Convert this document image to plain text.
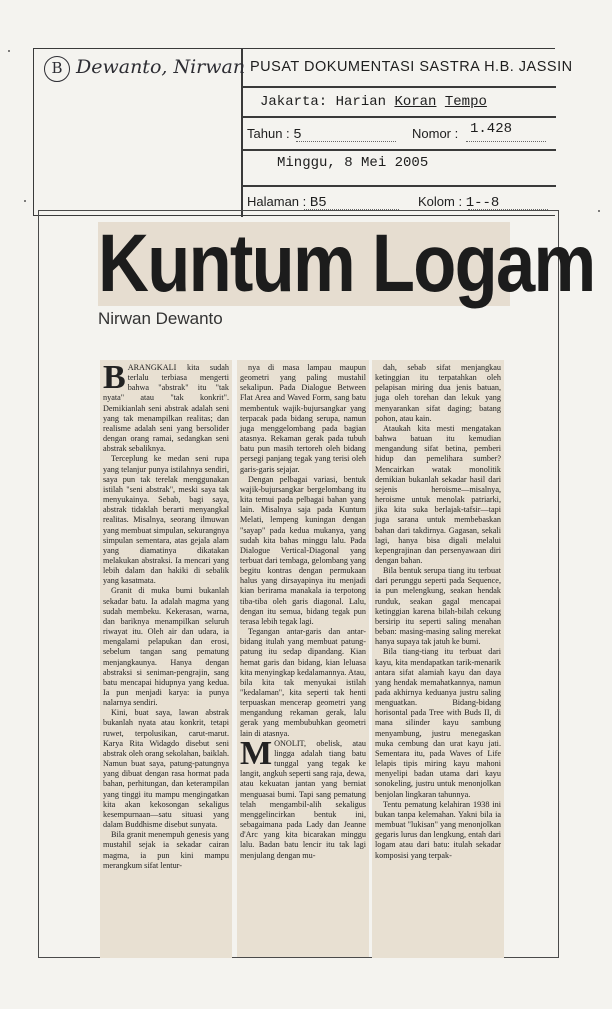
B Dewanto, Nirwan PUSAT DOKUMENTASI SASTRA H.B. JASSIN
Jakarta: Harian Koran Tempo
Tahun : 5	Nomor : 1.428
Minggu, 8 Mei 2005
Halaman : B5	Kolom : 1--8
Kuntum Logam
Nirwan Dewanto

BARANGKALI kita sudah terlalu terbiasa mengerti bahwa "abstrak" itu "tak nyata" atau "tak konkrit". Demikianlah seni abstrak adalah seni yang tak menampilkan realitas; dan realisme adalah seni yang bersolider dengan orang ramai, sedangkan seni abstrak sebaliknya.

Terceplung ke medan seni rupa yang telanjur punya istilahnya sendiri, saya pun tak terelak menggunakan istilah "seni abstrak", meski saya tak menyukainya. Sebab, bagi saya, abstrak tidaklah berarti menyangkal realitas. Misalnya, seorang ilmuwan yang membuat simpulan, sekurangnya simpulan sementara, atas gejala alam yang diamatinya dikatakan melakukan abstraksi. Ia mencari yang lebih dalam dan hakiki di sebalik yang kasatmata.

Granit di muka bumi bukanlah sekadar batu. Ia adalah magma yang sudah membeku. Kekerasan, warna, dan bariknya menampilkan seluruh riwayat itu. Oleh air dan udara, ia mengalami pelapukan dan erosi, sebelum tangan sang pematung menjangkaunya. Hanya dengan abstraksi si seniman-pengrajin, sang batu mencapai hidupnya yang kedua. Ia pun menjadi karya: ia punya nalarnya sendiri.

Kini, buat saya, lawan abstrak bukanlah nyata atau konkrit, tetapi ruwet, terpolusikan, carut-marut. Karya Rita Widagdo disebut seni abstrak oleh orang sekolahan, baiklah. Namun buat saya, patung-patungnya yang dibuat dengan rasa hormat pada bahan, perhitungan, dan keterampilan yang tinggi itu mampu mengingatkan kita akan kekosongan sekaligus kesempurnaan—satu situasi yang dalam Buddhisme disebut sunyata.

Bila granit menempuh genesis yang mustahil sejak ia sekadar cairan magma, ia pun kini mampu merangkum sifat lentur-

nya di masa lampau maupun geometri yang paling mustahil sekalipun. Pada Dialogue Between Flat Area and Waved Form, sang batu membentuk wajik-bujursangkar yang terpacak pada bidang serupa, namun juga menggelombang pada bagian atasnya. Rekaman gerak pada tubuh batu pun masih tertoreh oleh bidang persegi panjang tegak yang terisi oleh garis-garis sejajar.

Dengan pelbagai variasi, bentuk wajik-bujursangkar bergelombang itu kita temui pada pelbagai bahan yang lain. Misalnya saja pada Kuntum Melati, lempeng kuningan dengan "sayap" pada kedua mukanya, yang sudah kita bahas minggu lalu. Pada Dialogue Vertical-Diagonal yang terbuat dari tembaga, gelombang yang begitu kontras dengan permukaan halus yang dirsayapinya itu menjadi kian berirama manakala ia terpotong tiba-tiba oleh garis diagonal. Lalu, dengan itu semua, bidang tegak pun terasa lebih tegak lagi.

Tegangan antar-garis dan antar-bidang itulah yang membuat patung-patung itu sedap dipandang. Kian hemat garis dan bidang, kian leluasa kita menyingkap kedalamannya. Atau, bila kita tak menyukai istilah "kedalaman", kita seperti tak henti terpuaskan mencerap geometri yang mengandung rekaman gerak, lalu gerak yang membubuhkan geometri lain di atasnya.

MONOLIT, obelisk, atau lingga adalah tiang batu tunggal yang tegak ke langit, angkuh seperti sang raja, dewa, atau kekuatan jantan yang berniat menguasai bumi. Tapi sang pematung telah mengambil-alih sekaligus menggelincirkan bentuk ini, sebagaimana pada Lady dan Jeanne d'Arc yang kita bicarakan minggu lalu. Badan batu lencir itu tak lagi menjulang dengan mu-

dah, sebab sifat menjangkau ketinggian itu terpatahkan oleh pelapisan miring dua jenis batuan, juga oleh torehan dan lekuk yang menyarankan sifat daging; batang pohon, atau kain.

Ataukah kita mesti mengatakan bahwa batuan itu kemudian mengandung sifat betina, pemberi hidup dan pemelihara sumber? Mencairkan watak monolitik demikian bukanlah sekadar hasil dari sejenis heroisme—misalnya, heroisme untuk menolak patriarki, jika kita suka berlajak-tafsir—tapi juga sarana untuk membebaskan bahan dari takdirnya. Gagasan, sekali lagi, hanya bisa digali melalui kepengrajinan dan persenyawaan diri dengan bahan.

Bila bentuk serupa tiang itu terbuat dari perunggu seperti pada Sequence, ia pun melengkung, seakan hendak runduk, seakan gagal mencapai ketinggian karena bilah-bilah cekung bersirip itu seperti saling menahan beban: masing-masing saling merekat hanya supaya tak jatuh ke bumi.

Bila tiang-tiang itu terbuat dari kayu, kita mendapatkan tarik-menarik antara sifat alamiah kayu dan daya yang hendak memahatkannya, namun pada akhirnya keduanya justru saling menguatkan. Bidang-bidang horisontal pada Tree with Buds II, di mana silinder kayu sambung menyambung, justru menegaskan muka cembung dan urat kayu jati. Sementara itu, pada Waves of Life lelapis tipis miring kayu mahoni menyelipi badan utama dari kayu sonokeling, justru untuk menonjolkan benjolan lingkaran tahunnya.

Tentu pematung kelahiran 1938 ini bukan tanpa kelemahan. Yakni bila ia membuat "lukisan" yang menonjolkan gegaris lurus dan lengkung, entah dari logam atau dari batu: itulah sekadar komposisi yang terpak-
